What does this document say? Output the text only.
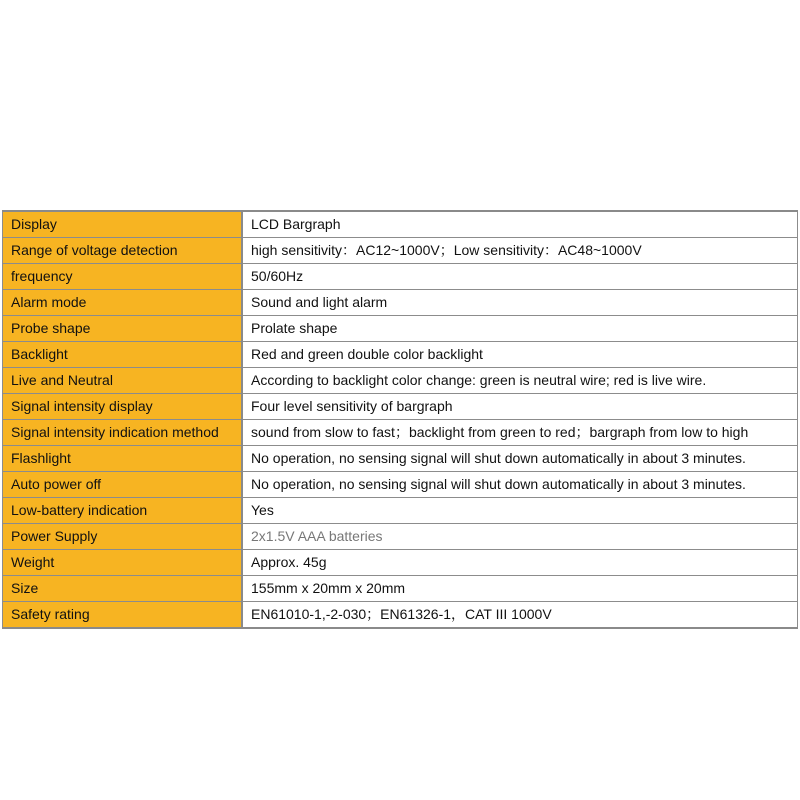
Display	LCD Bargraph
Range of voltage detection	high sensitivity：AC12~1000V；Low sensitivity：AC48~1000V
frequency	50/60Hz
Alarm mode	Sound and light alarm
Probe shape	Prolate shape
Backlight	Red and green double color backlight
Live and Neutral	According to backlight color change: green is neutral wire; red is live wire.
Signal intensity display	Four level sensitivity of bargraph
Signal intensity indication method	sound from slow to fast；backlight from green to red；bargraph from low to high
Flashlight	No operation, no sensing signal will shut down automatically in about 3 minutes.
Auto power off	No operation, no sensing signal will shut down automatically in about 3 minutes.
Low-battery indication	Yes
Power Supply	2x1.5V AAA batteries
Weight	Approx. 45g
Size	155mm x 20mm x 20mm
Safety rating	EN61010-1,-2-030；EN61326-1，CAT III 1000V
